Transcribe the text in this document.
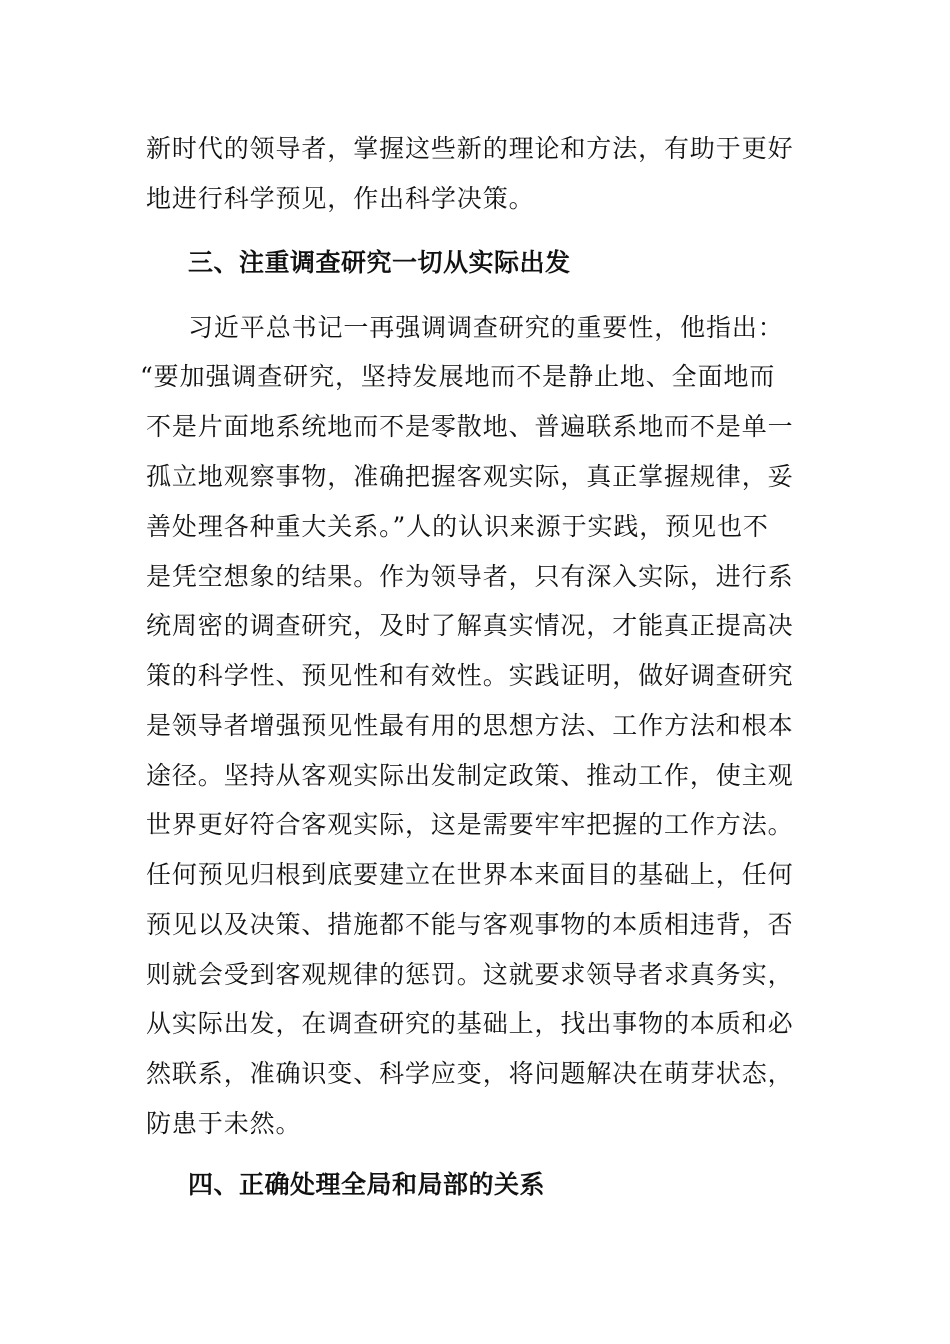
新时代的领导者，掌握这些新的理论和方法，有助于更好
地进行科学预见，作出科学决策。
三、注重调查研究一切从实际出发
习近平总书记一再强调调查研究的重要性，他指出：
“要加强调查研究，坚持发展地而不是静止地、全面地而
不是片面地系统地而不是零散地、普遍联系地而不是单一
孤立地观察事物，准确把握客观实际，真正掌握规律，妥
善处理各种重大关系。”人的认识来源于实践，预见也不
是凭空想象的结果。作为领导者，只有深入实际，进行系
统周密的调查研究，及时了解真实情况，才能真正提高决
策的科学性、预见性和有效性。实践证明，做好调查研究
是领导者增强预见性最有用的思想方法、工作方法和根本
途径。坚持从客观实际出发制定政策、推动工作，使主观
世界更好符合客观实际，这是需要牢牢把握的工作方法。
任何预见归根到底要建立在世界本来面目的基础上，任何
预见以及决策、措施都不能与客观事物的本质相违背，否
则就会受到客观规律的惩罚。这就要求领导者求真务实，
从实际出发，在调查研究的基础上，找出事物的本质和必
然联系，准确识变、科学应变，将问题解决在萌芽状态，
防患于未然。
四、正确处理全局和局部的关系
